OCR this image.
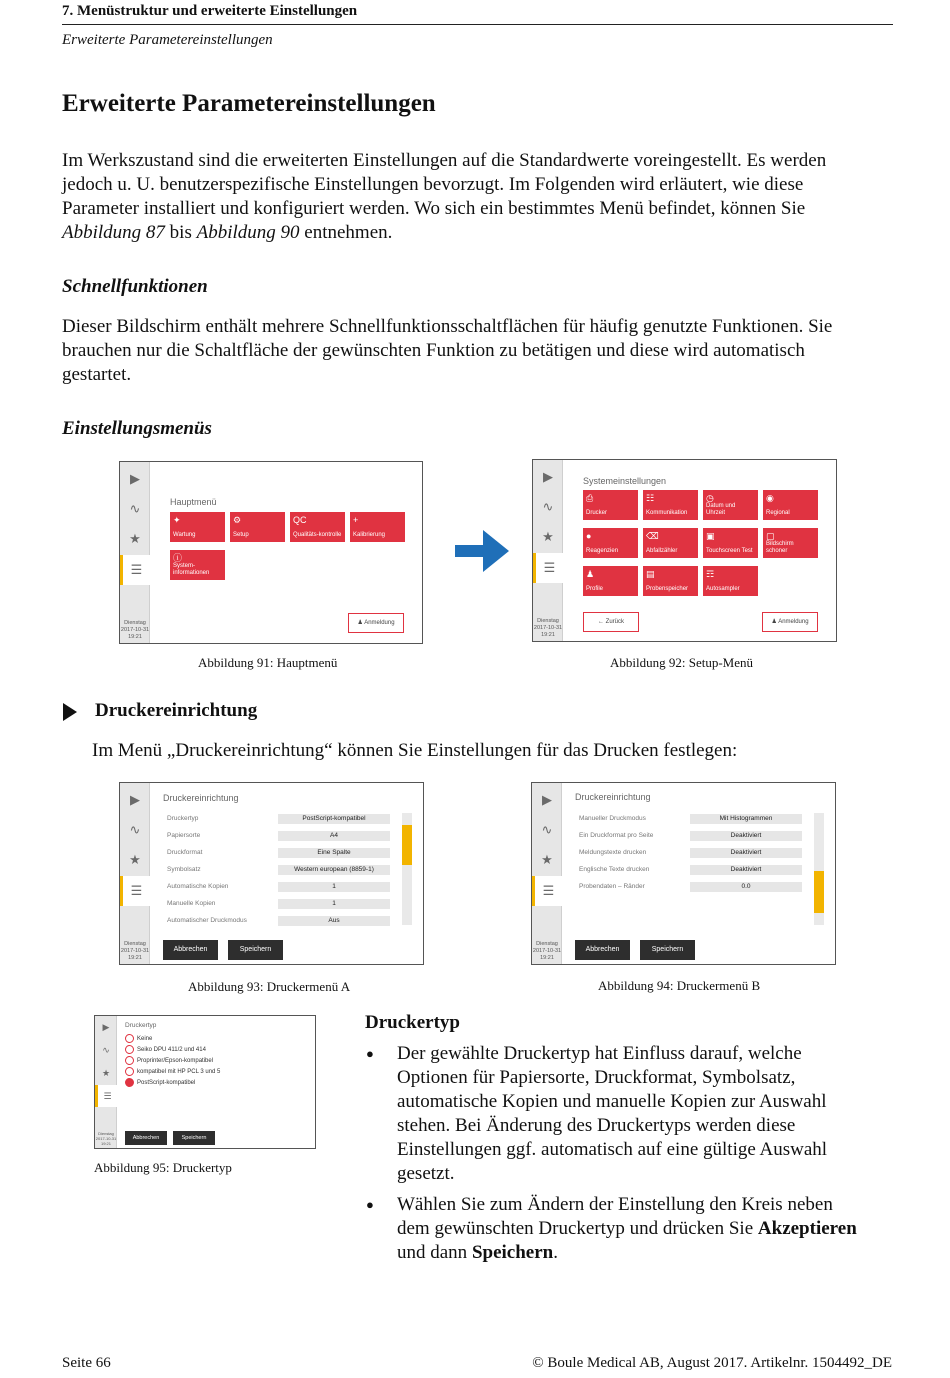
7. Menüstruktur und erweiterte Einstellungen
Erweiterte Parametereinstellungen
Erweiterte Parametereinstellungen
Im Werkszustand sind die erweiterten Einstellungen auf die Standardwerte voreingestellt. Es werden
jedoch u. U. benutzerspezifische Einstellungen bevorzugt. Im Folgenden wird erläutert, wie diese
Parameter installiert und konfiguriert werden. Wo sich ein bestimmtes Menü befindet, können Sie
Abbildung 87 bis Abbildung 90 entnehmen.
Schnellfunktionen
Dieser Bildschirm enthält mehrere Schnellfunktionsschaltflächen für häufig genutzte Funktionen. Sie
brauchen nur die Schaltfläche der gewünschten Funktion zu betätigen und diese wird automatisch
gestartet.
Einstellungsmenüs
▶
∿
★
☰
Dienstag
2017-10-31
19:21
Hauptmenü
✦
Wartung
⚙
Setup
QC
Qualitäts-kontrolle
+
Kalibrierung
ⓘ
System-informationen
♟ Anmeldung
▶
∿
★
☰
Dienstag
2017-10-31
19:21
Systemeinstellungen
⎙
Drucker
☷
Kommunikation
◷
Datum und Uhrzeit
◉
Regional
●
Reagenzien
⌫
Abfallzähler
▣
Touchscreen Test
▢
Bildschirm schoner
♟
Profile
▤
Probenspeicher
☶
Autosampler
← Zurück	♟ Anmeldung
Abbildung 91: Hauptmenü	Abbildung 92: Setup-Menü
Druckereinrichtung
Im Menü „Druckereinrichtung“ können Sie Einstellungen für das Drucken festlegen:
▶
∿
★
☰
Dienstag
2017-10-31
19:21
Druckereinrichtung
Druckertyp	PostScript-kompatibel
Papiersorte	A4
Druckformat	Eine Spalte
Symbolsatz	Western european (8859-1)
Automatische Kopien	1
Manuelle Kopien	1
Automatischer Druckmodus	Aus
Abbrechen	Speichern
▶
∿
★
☰
Dienstag
2017-10-31
19:21
Druckereinrichtung
Manueller Druckmodus	Mit Histogrammen
Ein Druckformat pro Seite	Deaktiviert
Meldungstexte drucken	Deaktiviert
Englische Texte drucken	Deaktiviert
Probendaten – Ränder	0.0
Abbrechen	Speichern
Abbildung 93: Druckermenü A	Abbildung 94: Druckermenü B
▶
∿
★
☰
Dienstag
2017-10-31
19:21
Druckertyp
Keine
Seiko DPU 411/2 und 414
Proprinter/Epson-kompatibel
kompatibel mit HP PCL 3 und 5
PostScript-kompatibel
Abbrechen	Speichern
Abbildung 95: Druckertyp
Druckertyp
● Der gewählte Druckertyp hat Einfluss darauf, welche
Optionen für Papiersorte, Druckformat, Symbolsatz,
automatische Kopien und manuelle Kopien zur Auswahl
stehen. Bei Änderung des Druckertyps werden diese
Einstellungen ggf. automatisch auf eine gültige Auswahl
gesetzt.
● Wählen Sie zum Ändern der Einstellung den Kreis neben
dem gewünschten Druckertyp und drücken Sie Akzeptieren
und dann Speichern.
Seite 66	© Boule Medical AB, August 2017. Artikelnr. 1504492_DE
